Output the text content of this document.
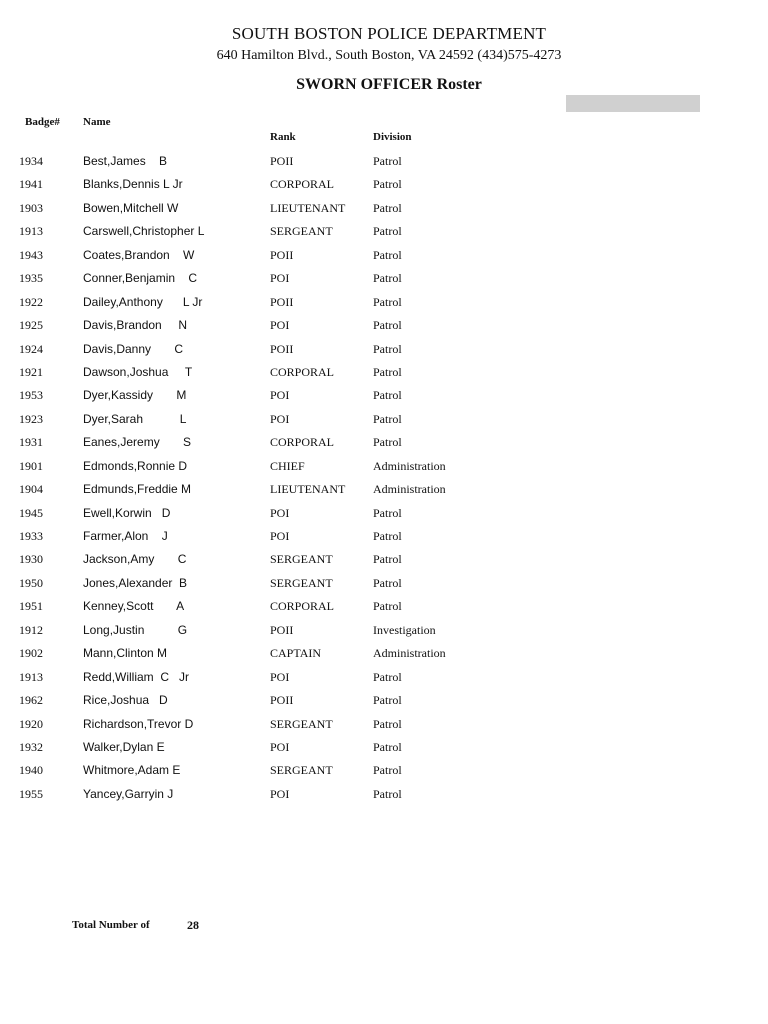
SOUTH BOSTON POLICE DEPARTMENT
640 Hamilton Blvd., South Boston, VA 24592 (434)575-4273
SWORN OFFICER Roster
Badge# Name
Rank	Division
1934	Best,James    B	POII	Patrol
1941	Blanks,Dennis L Jr	CORPORAL	Patrol
1903	Bowen,Mitchell W	LIEUTENANT Patrol
1913	Carswell,Christopher L	SERGEANT	Patrol
1943	Coates,Brandon    W	POII	Patrol
1935	Conner,Benjamin    C	POI	Patrol
1922	Dailey,Anthony      L Jr	POII	Patrol
1925	Davis,Brandon     N	POI	Patrol
1924	Davis,Danny       C	POII	Patrol
1921	Dawson,Joshua     T	CORPORAL	Patrol
1953	Dyer,Kassidy       M	POI	Patrol
1923	Dyer,Sarah           L	POI	Patrol
1931	Eanes,Jeremy       S	CORPORAL	Patrol
1901	Edmonds,Ronnie D	CHIEF	Administration
1904	Edmunds,Freddie M	LIEUTENANT Administration
1945	Ewell,Korwin   D	POI	Patrol
1933	Farmer,Alon    J	POI	Patrol
1930	Jackson,Amy       C	SERGEANT	Patrol
1950	Jones,Alexander  B	SERGEANT	Patrol
1951	Kenney,Scott       A	CORPORAL	Patrol
1912	Long,Justin          G	POII	Investigation
1902	Mann,Clinton M	CAPTAIN	Administration
1913	Redd,William  C   Jr	POI	Patrol
1962	Rice,Joshua   D	POII	Patrol
1920	Richardson,Trevor D	SERGEANT	Patrol
1932	Walker,Dylan E	POI	Patrol
1940	Whitmore,Adam E	SERGEANT	Patrol
1955	Yancey,Garryin J	POI	Patrol
Total Number of	28
